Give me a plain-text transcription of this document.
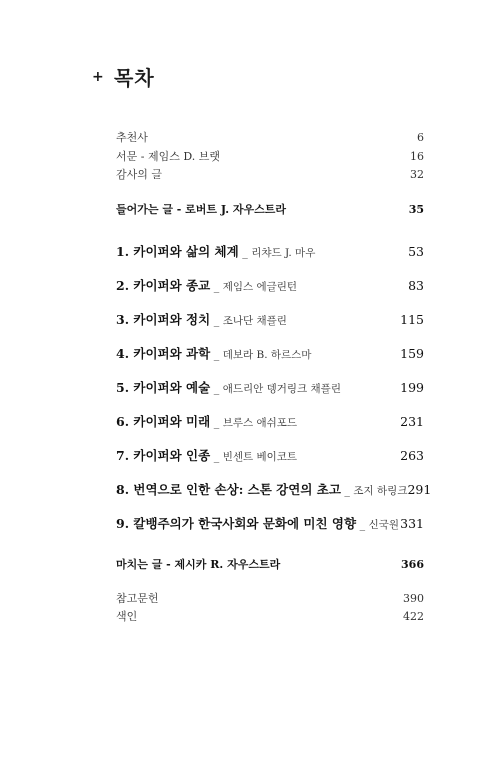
+ 목차
추천사	6
서문 - 제임스 D. 브랫	16
감사의 글	32
들어가는 글 - 로버트 J. 자우스트라	35
1. 카이퍼와 삶의 체계 _ 리챠드 J. 마우	53
2. 카이퍼와 종교 _ 제임스 에글린턴	83
3. 카이퍼와 정치 _ 조나단 채플린	115
4. 카이퍼와 과학 _ 데보라 B. 하르스마	159
5. 카이퍼와 예술 _ 애드리안 뎅거링크 채플린	199
6. 카이퍼와 미래 _ 브루스 애쉬포드	231
7. 카이퍼와 인종 _ 빈센트 베이코트	263
8. 번역으로 인한 손상: 스톤 강연의 초고 _ 조지 하링크 291
9. 칼뱅주의가 한국사회와 문화에 미친 영향 _ 신국원 331
마치는 글 - 제시카 R. 자우스트라	366
참고문헌	390
색인	422
